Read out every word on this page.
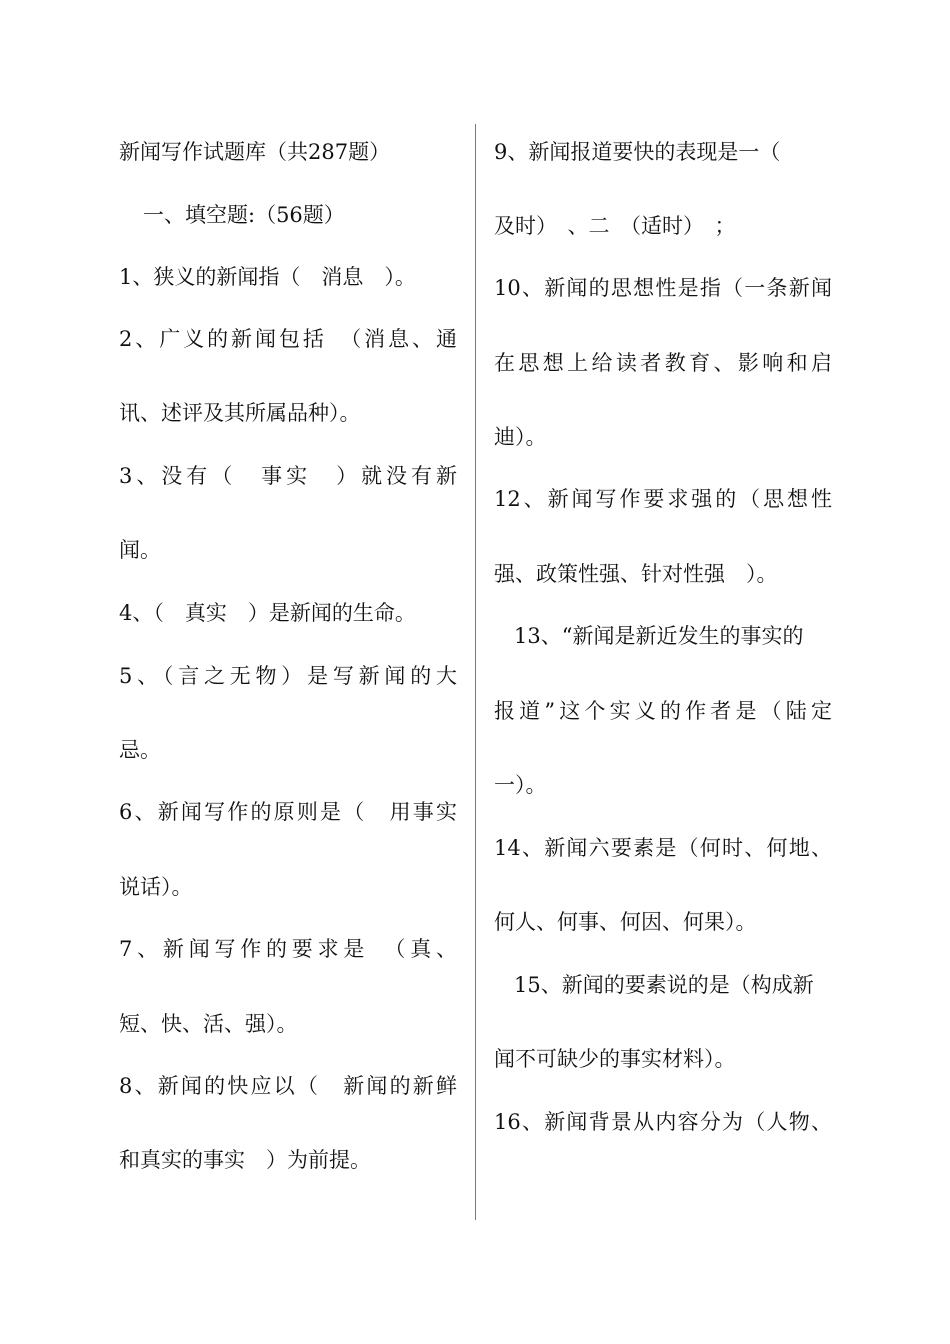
新闻写作试题库（共287题）
一、填空题:（56题）
1、狭义的新闻指（　消息　）。
2、广义的新闻包括　（消息、通
讯、述评及其所属品种）。
3、没有（　事实　）就没有新
闻。
4、（　真实　）是新闻的生命。
5、（言之无物）是写新闻的大
忌。
6、新闻写作的原则是（　用事实
说话）。
7、新闻写作的要求是　（真、
短、快、活、强）。
8、新闻的快应以（　新闻的新鲜
和真实的事实　）为前提。
9、新闻报道要快的表现是一（
及时）　、二　（适时）　；
10、新闻的思想性是指（一条新闻
在思想上给读者教育、影响和启
迪）。
12、新闻写作要求强的（思想性
强、政策性强、针对性强　）。
13、“新闻是新近发生的事实的
报道”这个实义的作者是（陆定
一）。
14、新闻六要素是（何时、何地、
何人、何事、何因、何果）。
15、新闻的要素说的是（构成新
闻不可缺少的事实材料）。
16、新闻背景从内容分为（人物、
